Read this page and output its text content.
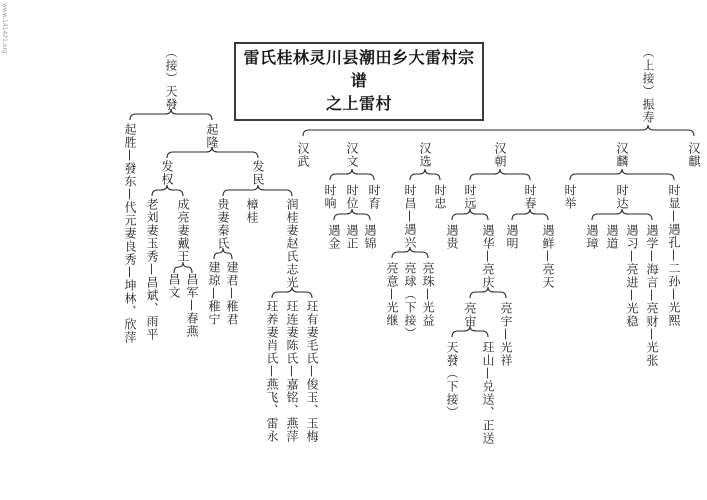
www.141421.org
雷氏桂林灵川县潮田乡大雷村宗谱
之上雷村
（接）天發
起胜—發东—代元妻良秀—坤林、欣萍	起隆
发权	发民
老刘妻玉秀—昌斌、雨平 成亮妻戴王
昌文 昌军—春燕
贵妻秦氏
建琼—稚宁 建君—稚君
樟桂 润桂妻赵氏志光
玨养妻肖氏—燕飞、雷永 玨连妻陈氏—嘉铭、燕萍 玨有妻毛氏—俊玉、玉梅
（上接）振寿
汉武	汉文	汉选	汉朝	汉麟	汉麒
时响 时位 时育
遇金 遇正 遇锦 时昌—遇兴 时忠
亮意—光继 亮球（下接） 亮珠—光益
时远	时春
遇贵 遇华—亮庆
亮宙 亮宇—光祥
天發（下接） 玨山—兑送、正送
遇明 遇鲜—亮天
时举	时达
遇璋 遇道 遇习—亮进—光稳 遇学—海言—亮财—光张 时显—遇孔—二孙—光熙
